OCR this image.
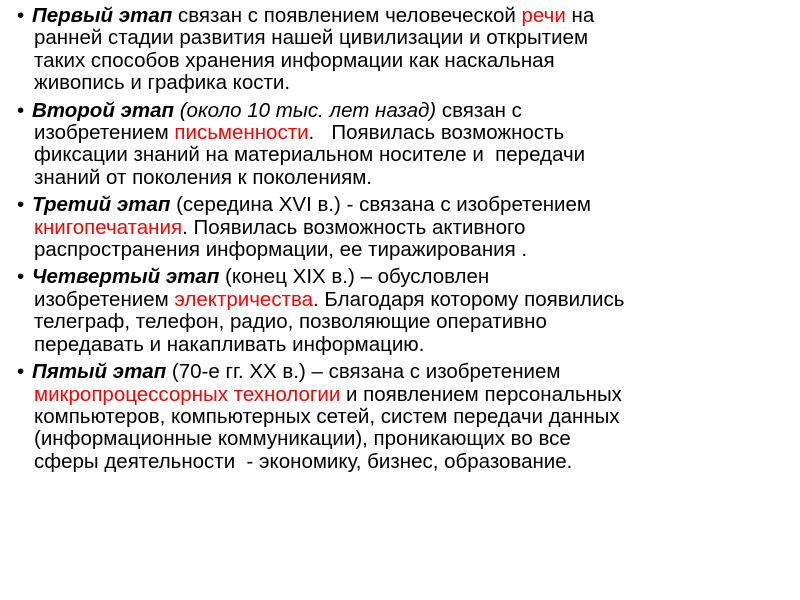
• Первый этап связан с появлением человеческой речи на
ранней стадии развития нашей цивилизации и открытием
таких способов хранения информации как наскальная
живопись и графика кости.
• Второй этап (около 10 тыс. лет назад) связан с
изобретением письменности.   Появилась возможность
фиксации знаний на материальном носителе и  передачи
знаний от поколения к поколениям.
• Третий этап (середина XVI в.) - связана с изобретением
книгопечатания. Появилась возможность активного
распространения информации, ее тиражирования .
• Четвертый этап (конец XIX в.) – обусловлен
изобретением электричества. Благодаря которому появились
телеграф, телефон, радио, позволяющие оперативно
передавать и накапливать информацию.
• Пятый этап (70-е гг. XX в.) – связана с изобретением
микропроцессорных технологии и появлением персональных
компьютеров, компьютерных сетей, систем передачи данных
(информационные коммуникации), проникающих во все
сферы деятельности  - экономику, бизнес, образование.
